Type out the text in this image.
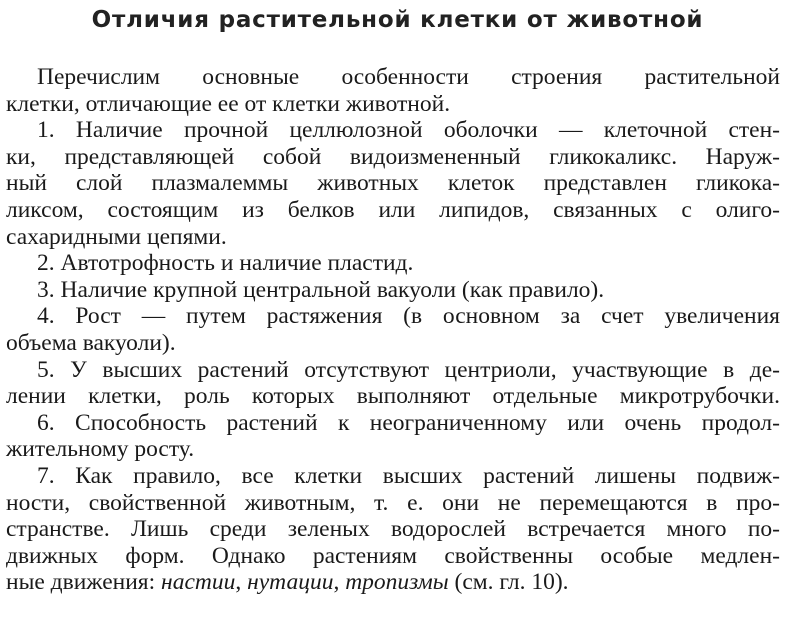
Отличия растительной клетки от животной
Перечислим основные особенности строения растительной
клетки, отличающие ее от клетки животной.
1. Наличие прочной целлюлозной оболочки — клеточной стен-
ки, представляющей собой видоизмененный гликокаликс. Наруж-
ный слой плазмалеммы животных клеток представлен гликока-
ликсом, состоящим из белков или липидов, связанных с олиго-
сахаридными цепями.
2. Автотрофность и наличие пластид.
3. Наличие крупной центральной вакуоли (как правило).
4. Рост — путем растяжения (в основном за счет увеличения
объема вакуоли).
5. У высших растений отсутствуют центриоли, участвующие в де-
лении клетки, роль которых выполняют отдельные микротрубочки.
6. Способность растений к неограниченному или очень продол-
жительному росту.
7. Как правило, все клетки высших растений лишены подвиж-
ности, свойственной животным, т. е. они не перемещаются в про-
странстве. Лишь среди зеленых водорослей встречается много по-
движных форм. Однако растениям свойственны особые медлен-
ные движения: настии, нутации, тропизмы (см. гл. 10).
